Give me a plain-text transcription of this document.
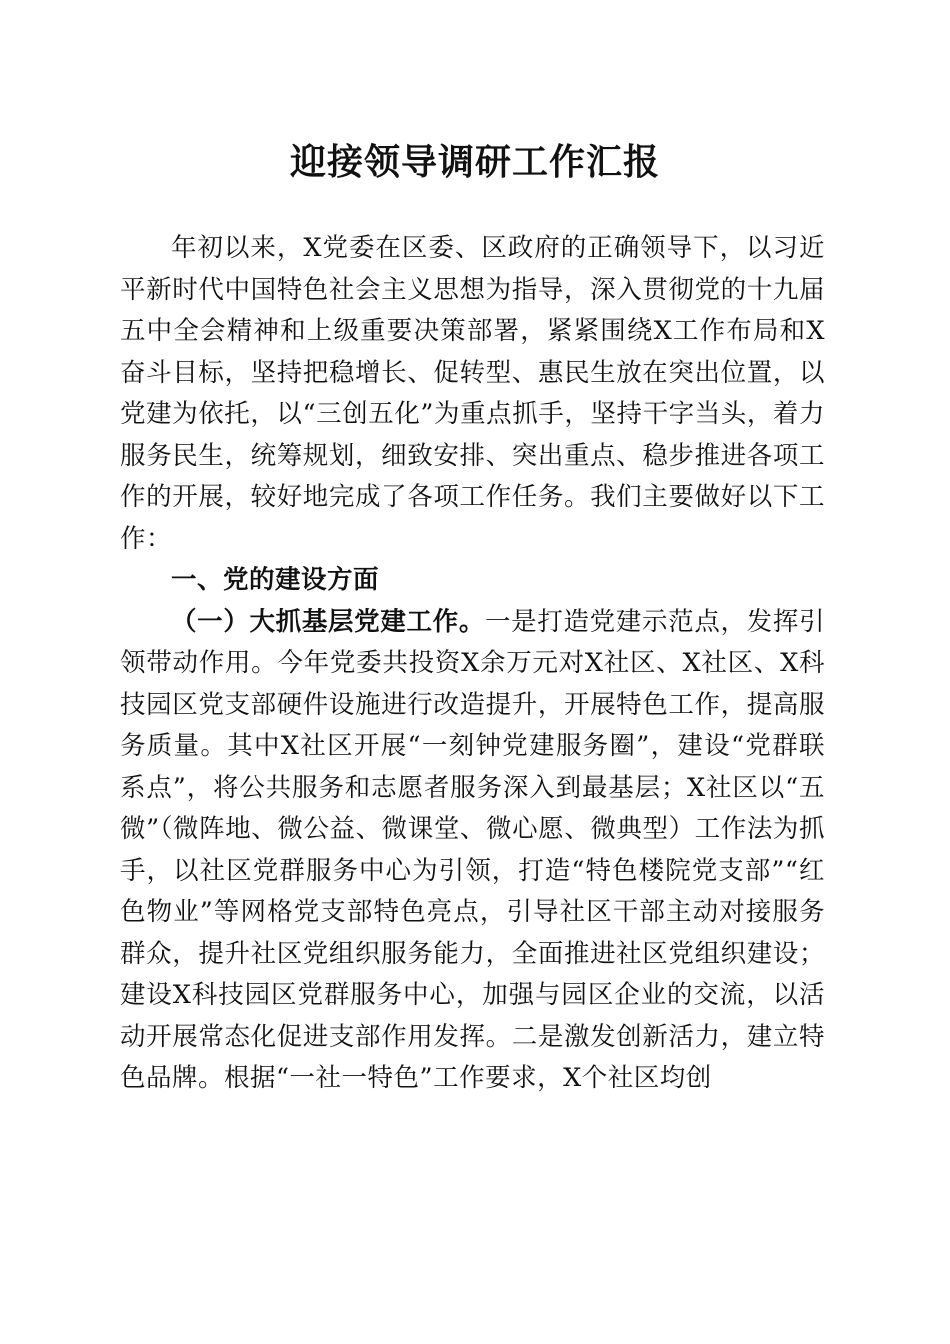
迎接领导调研工作汇报

年初以来，X党委在区委、区政府的正确领导下，以习近平新时代中国特色社会主义思想为指导，深入贯彻党的十九届五中全会精神和上级重要决策部署，紧紧围绕X工作布局和X奋斗目标，坚持把稳增长、促转型、惠民生放在突出位置，以党建为依托，以“三创五化”为重点抓手，坚持干字当头，着力服务民生，统筹规划，细致安排、突出重点、稳步推进各项工作的开展，较好地完成了各项工作任务。我们主要做好以下工作：

一、党的建设方面

（一）大抓基层党建工作。一是打造党建示范点，发挥引领带动作用。今年党委共投资X余万元对X社区、X社区、X科技园区党支部硬件设施进行改造提升，开展特色工作，提高服务质量。其中X社区开展“一刻钟党建服务圈”，建设“党群联系点”，将公共服务和志愿者服务深入到最基层；X社区以“五微”（微阵地、微公益、微课堂、微心愿、微典型）工作法为抓手，以社区党群服务中心为引领，打造“特色楼院党支部”“红色物业”等网格党支部特色亮点，引导社区干部主动对接服务群众，提升社区党组织服务能力，全面推进社区党组织建设；建设X科技园区党群服务中心，加强与园区企业的交流，以活动开展常态化促进支部作用发挥。二是激发创新活力，建立特色品牌。根据“一社一特色”工作要求，X个社区均创
